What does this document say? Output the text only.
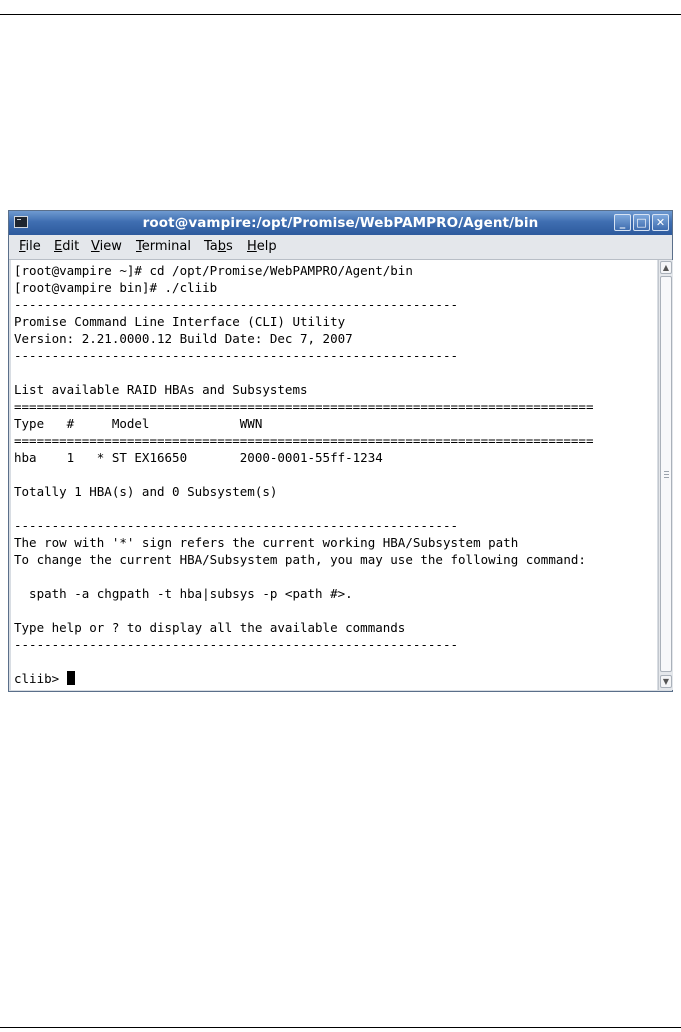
root@vampire:/opt/Promise/WebPAMPRO/Agent/bin	_ □ ✕
File Edit View Terminal Tabs Help
[root@vampire ~]# cd /opt/Promise/WebPAMPRO/Agent/bin
[root@vampire bin]# ./cliib
-----------------------------------------------------------
Promise Command Line Interface (CLI) Utility
Version: 2.21.0000.12 Build Date: Dec 7, 2007
-----------------------------------------------------------
List available RAID HBAs and Subsystems
=============================================================================
Type   #     Model            WWN
=============================================================================
hba    1   * ST EX16650       2000-0001-55ff-1234
Totally 1 HBA(s) and 0 Subsystem(s)
-----------------------------------------------------------
The row with '*' sign refers the current working HBA/Subsystem path
To change the current HBA/Subsystem path, you may use the following command:
spath -a chgpath -t hba|subsys -p <path #>.
Type help or ? to display all the available commands
-----------------------------------------------------------
cliib>
▲
▼
